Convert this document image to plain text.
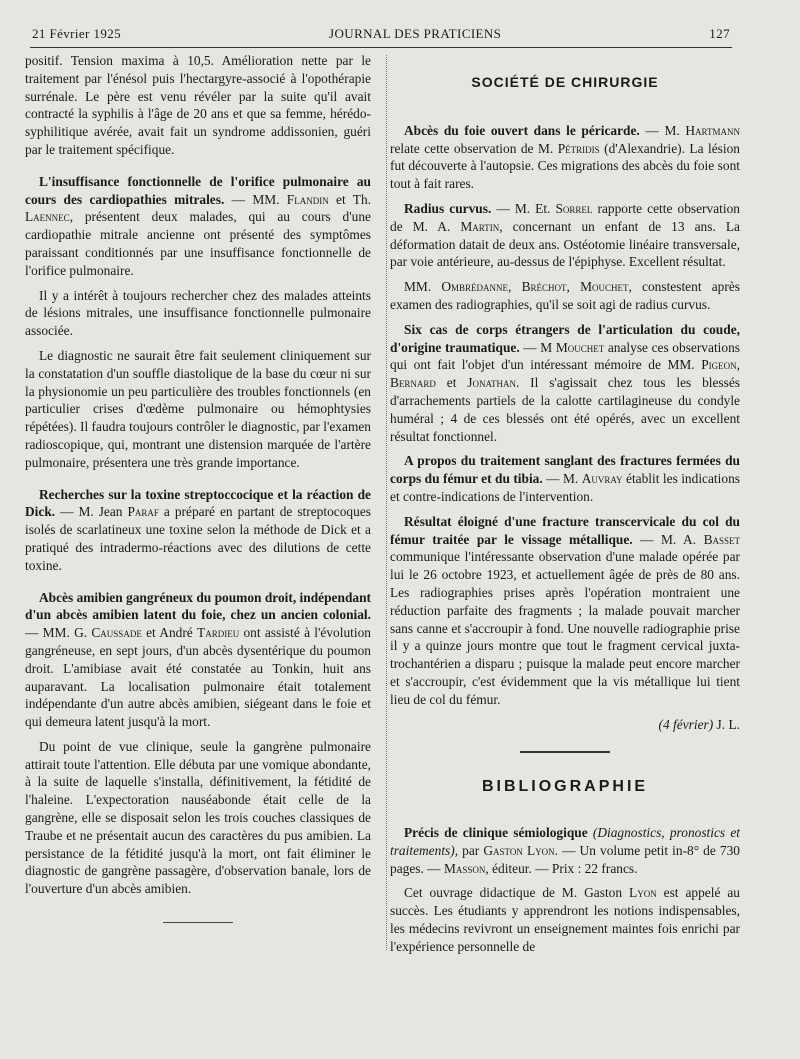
21 Février 1925	JOURNAL DES PRATICIENS	127

positif. Tension maxima à 10,5. Amélioration nette par le traitement par l'énésol puis l'hectargyre-associé à l'opothérapie surrénale. Le père est venu révéler par la suite qu'il avait contracté la syphilis à l'âge de 20 ans et que sa femme, hérédo-syphilitique avérée, avait fait un syndrome addissonien, guéri par le traitement spécifique.

L'insuffisance fonctionnelle de l'orifice pulmonaire au cours des cardiopathies mitrales. — MM. Flandin et Th. Laennec, présentent deux malades, qui au cours d'une cardiopathie mitrale ancienne ont présenté des symptômes paraissant conditionnés par une insuffisance fonctionnelle de l'orifice pulmonaire.

Il y a intérêt à toujours rechercher chez des malades atteints de lésions mitrales, une insuffisance fonctionnelle pulmonaire associée.

Le diagnostic ne saurait être fait seulement cliniquement sur la constatation d'un souffle diastolique de la base du cœur ni sur la physionomie un peu particulière des troubles fonctionnels (en particulier crises d'œdème pulmonaire ou hémophtysies répétées). Il faudra toujours contrôler le diagnostic, par l'examen radioscopique, qui, montrant une distension marquée de l'artère pulmonaire, présentera une très grande importance.

Recherches sur la toxine streptoccocique et la réaction de Dick. — M. Jean Paraf a préparé en partant de streptocoques isolés de scarlatineux une toxine selon la méthode de Dick et a pratiqué des intradermo-réactions avec des dilutions de cette toxine.

Abcès amibien gangréneux du poumon droit, indépendant d'un abcès amibien latent du foie, chez un ancien colonial. — MM. G. Caussade et André Tardieu ont assisté à l'évolution gangréneuse, en sept jours, d'un abcès dysentérique du poumon droit. L'amibiase avait été constatée au Tonkin, huit ans auparavant. La localisation pulmonaire était totalement indépendante d'un autre abcès amibien, siégeant dans le foie et qui demeura latent jusqu'à la mort.

Du point de vue clinique, seule la gangrène pulmonaire attirait toute l'attention. Elle débuta par une vomique abondante, à la suite de laquelle s'installa, définitivement, la fétidité de l'haleine. L'expectoration nauséabonde était celle de la gangrène, elle se disposait selon les trois couches classiques de Traube et ne présentait aucun des caractères du pus amibien. La persistance de la fétidité jusqu'à la mort, ont fait éliminer le diagnostic de gangrène passagère, d'observation banale, lors de l'ouverture d'un abcès amibien.

SOCIÉTÉ DE CHIRURGIE

Abcès du foie ouvert dans le péricarde. — M. Hartmann relate cette observation de M. Pétridis (d'Alexandrie). La lésion fut découverte à l'autopsie. Ces migrations des abcès du foie sont tout à fait rares.

Radius curvus. — M. Et. Sorrel rapporte cette observation de M. A. Martin, concernant un enfant de 13 ans. La déformation datait de deux ans. Ostéotomie linéaire transversale, par voie antérieure, au-dessus de l'épiphyse. Excellent résultat.

MM. Ombrédanne, Bréchot, Mouchet, constestent après examen des radiographies, qu'il se soit agi de radius curvus.

Six cas de corps étrangers de l'articulation du coude, d'origine traumatique. — M Mouchet analyse ces observations qui ont fait l'objet d'un intéressant mémoire de MM. Pigeon, Bernard et Jonathan. Il s'agissait chez tous les blessés d'arrachements partiels de la calotte cartilagineuse du condyle huméral ; 4 de ces blessés ont été opérés, avec un excellent résultat fonctionnel.

A propos du traitement sanglant des fractures fermées du corps du fémur et du tibia. — M. Auvray établit les indications et contre-indications de l'intervention.

Résultat éloigné d'une fracture transcervicale du col du fémur traitée par le vissage métallique. — M. A. Basset communique l'intéressante observation d'une malade opérée par lui le 26 octobre 1923, et actuellement âgée de près de 80 ans. Les radiographies prises après l'opération montraient une réduction parfaite des fragments ; la malade pouvait marcher sans canne et s'accroupir à fond. Une nouvelle radiographie prise il y a quinze jours montre que tout le fragment cervical juxta-trochantérien a disparu ; puisque la malade peut encore marcher et s'accroupir, c'est évidemment que la vis métallique lui tient lieu de col du fémur.

(4 février) J. L.

BIBLIOGRAPHIE

Précis de clinique sémiologique (Diagnostics, pronostics et traitements), par Gaston Lyon. — Un volume petit in-8° de 730 pages. — Masson, éditeur. — Prix : 22 francs.

Cet ouvrage didactique de M. Gaston Lyon est appelé au succès. Les étudiants y apprendront les notions indispensables, les médecins revivront un enseignement maintes fois enrichi par l'expérience personnelle de
